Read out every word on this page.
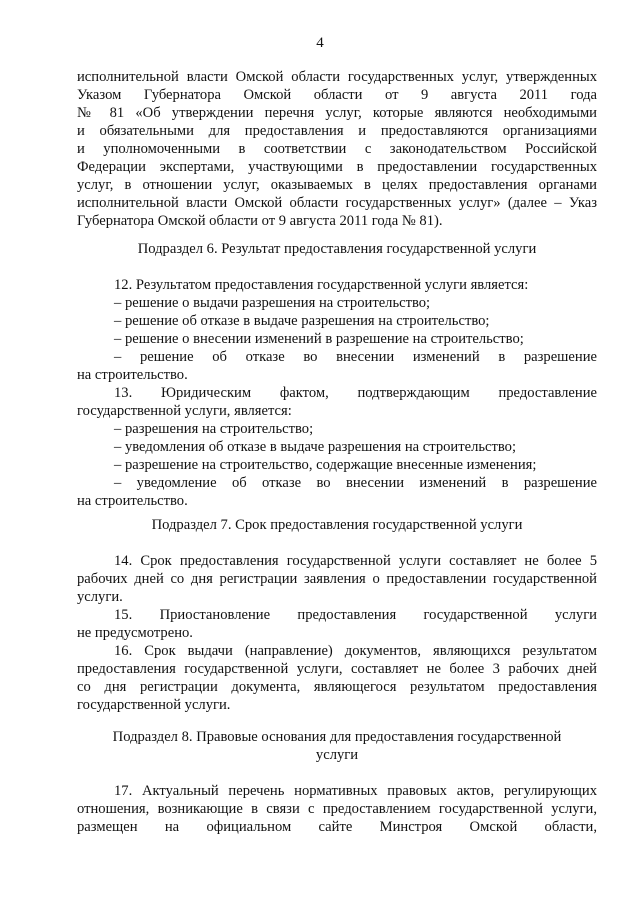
4
исполнительной власти Омской области государственных услуг, утвержденных
Указом Губернатора Омской области от 9 августа 2011 года
№ 81 «Об утверждении перечня услуг, которые являются необходимыми
и обязательными для предоставления и предоставляются организациями
и уполномоченными в соответствии с законодательством Российской
Федерации экспертами, участвующими в предоставлении государственных
услуг, в отношении услуг, оказываемых в целях предоставления органами
исполнительной власти Омской области государственных услуг» (далее – Указ
Губернатора Омской области от 9 августа 2011 года № 81).
Подраздел 6. Результат предоставления государственной услуги
12. Результатом предоставления государственной услуги является:
– решение о выдачи разрешения на строительство;
– решение об отказе в выдаче разрешения на строительство;
– решение о внесении изменений в разрешение на строительство;
– решение об отказе во внесении изменений в разрешение
на строительство.
13. Юридическим фактом, подтверждающим предоставление
государственной услуги, является:
– разрешения на строительство;
– уведомления об отказе в выдаче разрешения на строительство;
– разрешение на строительство, содержащие внесенные изменения;
– уведомление об отказе во внесении изменений в разрешение
на строительство.
Подраздел 7. Срок предоставления государственной услуги
14. Срок предоставления государственной услуги составляет не более 5
рабочих дней со дня регистрации заявления о предоставлении государственной
услуги.
15. Приостановление предоставления государственной услуги
не предусмотрено.
16. Срок выдачи (направление) документов, являющихся результатом
предоставления государственной услуги, составляет не более 3 рабочих дней
со дня регистрации документа, являющегося результатом предоставления
государственной услуги.
Подраздел 8. Правовые основания для предоставления государственной
услуги
17. Актуальный перечень нормативных правовых актов, регулирующих
отношения, возникающие в связи с предоставлением государственной услуги,
размещен на официальном сайте Минстроя Омской области,
